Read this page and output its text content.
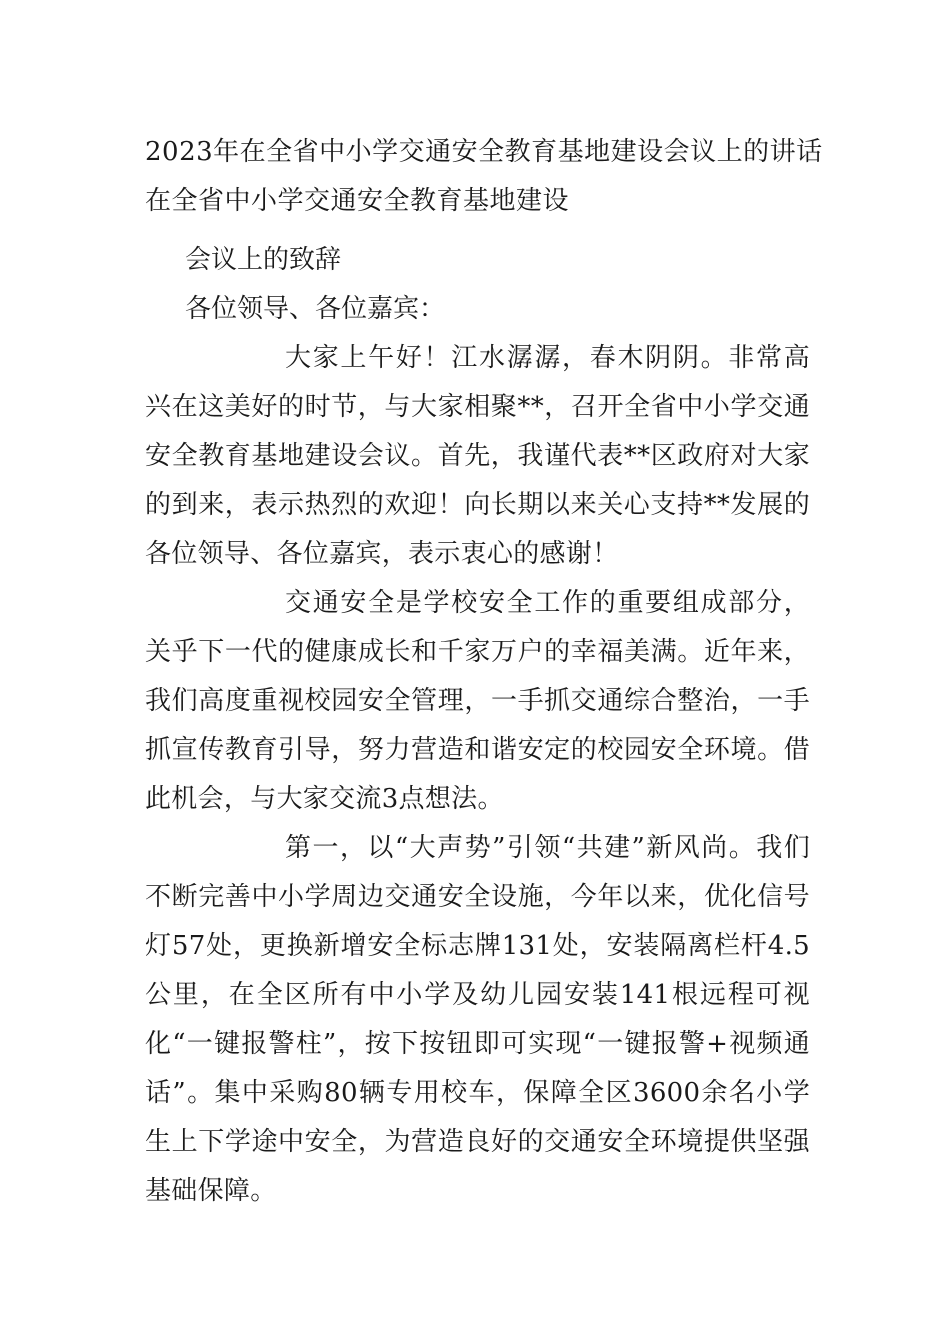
2023年在全省中小学交通安全教育基地建设会议上的讲话

在全省中小学交通安全教育基地建设

会议上的致辞

各位领导、各位嘉宾：

大家上午好！江水潺潺，春木阴阴。非常高兴在这美好的时节，与大家相聚**，召开全省中小学交通安全教育基地建设会议。首先，我谨代表**区政府对大家的到来，表示热烈的欢迎！向长期以来关心支持**发展的各位领导、各位嘉宾，表示衷心的感谢！

交通安全是学校安全工作的重要组成部分，关乎下一代的健康成长和千家万户的幸福美满。近年来，我们高度重视校园安全管理，一手抓交通综合整治，一手抓宣传教育引导，努力营造和谐安定的校园安全环境。借此机会，与大家交流3点想法。

第一，以“大声势”引领“共建”新风尚。我们不断完善中小学周边交通安全设施，今年以来，优化信号灯57处，更换新增安全标志牌131处，安装隔离栏杆4.5公里，在全区所有中小学及幼儿园安装141根远程可视化“一键报警柱”，按下按钮即可实现“一键报警+视频通话”。集中采购80辆专用校车，保障全区3600余名小学生上下学途中安全，为营造良好的交通安全环境提供坚强基础保障。
